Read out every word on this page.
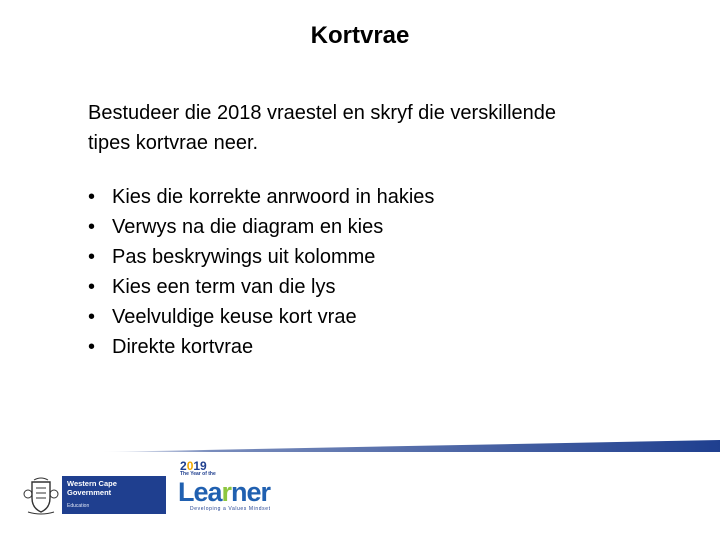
Kortvrae
Bestudeer die 2018 vraestel en skryf die verskillende
tipes kortvrae neer.
• Kies die korrekte anrwoord in hakies
• Verwys na die diagram en kies
• Pas beskrywings uit kolomme
• Kies een term van die lys
• Veelvuldige keuse kort vrae
• Direkte kortvrae
Western Cape
Government
Education
2019
The Year of the
Learner
Developing a Values Mindset
